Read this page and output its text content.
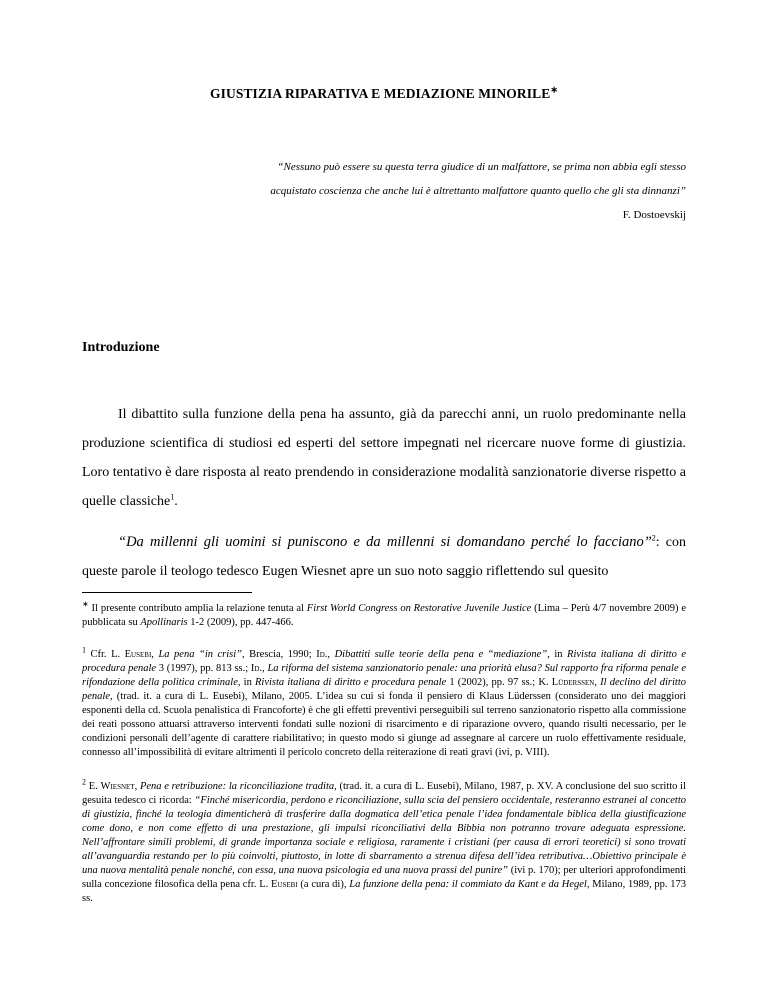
GIUSTIZIA RIPARATIVA E MEDIAZIONE MINORILE∗
“Nessuno può essere su questa terra giudice di un malfattore, se prima non abbia egli stesso
acquistato coscienza che anche lui è altrettanto malfattore quanto quello che gli sta dinnanzi”
F. Dostoevskij
Introduzione
Il dibattito sulla funzione della pena ha assunto, già da parecchi anni, un ruolo predominante nella produzione scientifica di studiosi ed esperti del settore impegnati nel ricercare nuove forme di giustizia. Loro tentativo è dare risposta al reato prendendo in considerazione modalità sanzionatorie diverse rispetto a quelle classiche$^1$.
“Da millenni gli uomini si puniscono e da millenni si domandano perché lo facciano”$^2$: con queste parole il teologo tedesco Eugen Wiesnet apre un suo noto saggio riflettendo sul quesito
∗ Il presente contributo amplia la relazione tenuta al First World Congress on Restorative Juvenile Justice (Lima – Perù 4/7 novembre 2009) e pubblicata su Apollinaris 1-2 (2009), pp. 447-466.
$^1$ Cfr. L. Eusebi, La pena “in crisi”, Brescia, 1990; Id., Dibattiti sulle teorie della pena e “mediazione”, in Rivista italiana di diritto e procedura penale 3 (1997), pp. 813 ss.; Id., La riforma del sistema sanzionatorio penale: una priorità elusa? Sul rapporto fra riforma penale e rifondazione della politica criminale, in Rivista italiana di diritto e procedura penale 1 (2002), pp. 97 ss.; K. Lüderssen, Il declino del diritto penale, (trad. it. a cura di L. Eusebi), Milano, 2005. L’idea su cui si fonda il pensiero di Klaus Lüderssen (considerato uno dei maggiori esponenti della cd. Scuola penalistica di Francoforte) è che gli effetti preventivi perseguibili sul terreno sanzionatorio rispetto alla commissione dei reati possono attuarsi attraverso interventi fondati sulle nozioni di risarcimento e di riparazione ovvero, quando risulti necessario, per le condizioni personali dell’agente di carattere riabilitativo; in questo modo si giunge ad assegnare al carcere un ruolo effettivamente residuale, connesso all’impossibilità di evitare altrimenti il pericolo concreto della reiterazione di reati gravi (ivi, p. VIII).
$^2$ E. Wiesnet, Pena e retribuzione: la riconciliazione tradita, (trad. it. a cura di L. Eusebi), Milano, 1987, p. XV. A conclusione del suo scritto il gesuita tedesco ci ricorda: “Finché misericordia, perdono e riconciliazione, sulla scia del pensiero occidentale, resteranno estranei al concetto di giustizia, finché la teologia dimenticherà di trasferire dalla dogmatica dell’etica penale l’idea fondamentale biblica della giustificazione come dono, e non come effetto di una prestazione, gli impulsi riconciliativi della Bibbia non potranno trovare adeguata espressione. Nell’affrontare simili problemi, di grande importanza sociale e religiosa, raramente i cristiani (per causa di errori teoretici) si sono trovati all’avanguardia restando per lo più coinvolti, piuttosto, in lotte di sbarramento a strenua difesa dell’idea retributiva…Obiettivo principale è una nuova mentalità penale nonché, con essa, una nuova psicologia ed una nuova prassi del punire” (ivi p. 170); per ulteriori approfondimenti sulla concezione filosofica della pena cfr. L. Eusebi (a cura di), La funzione della pena: il commiato da Kant e da Hegel, Milano, 1989, pp. 173 ss.
